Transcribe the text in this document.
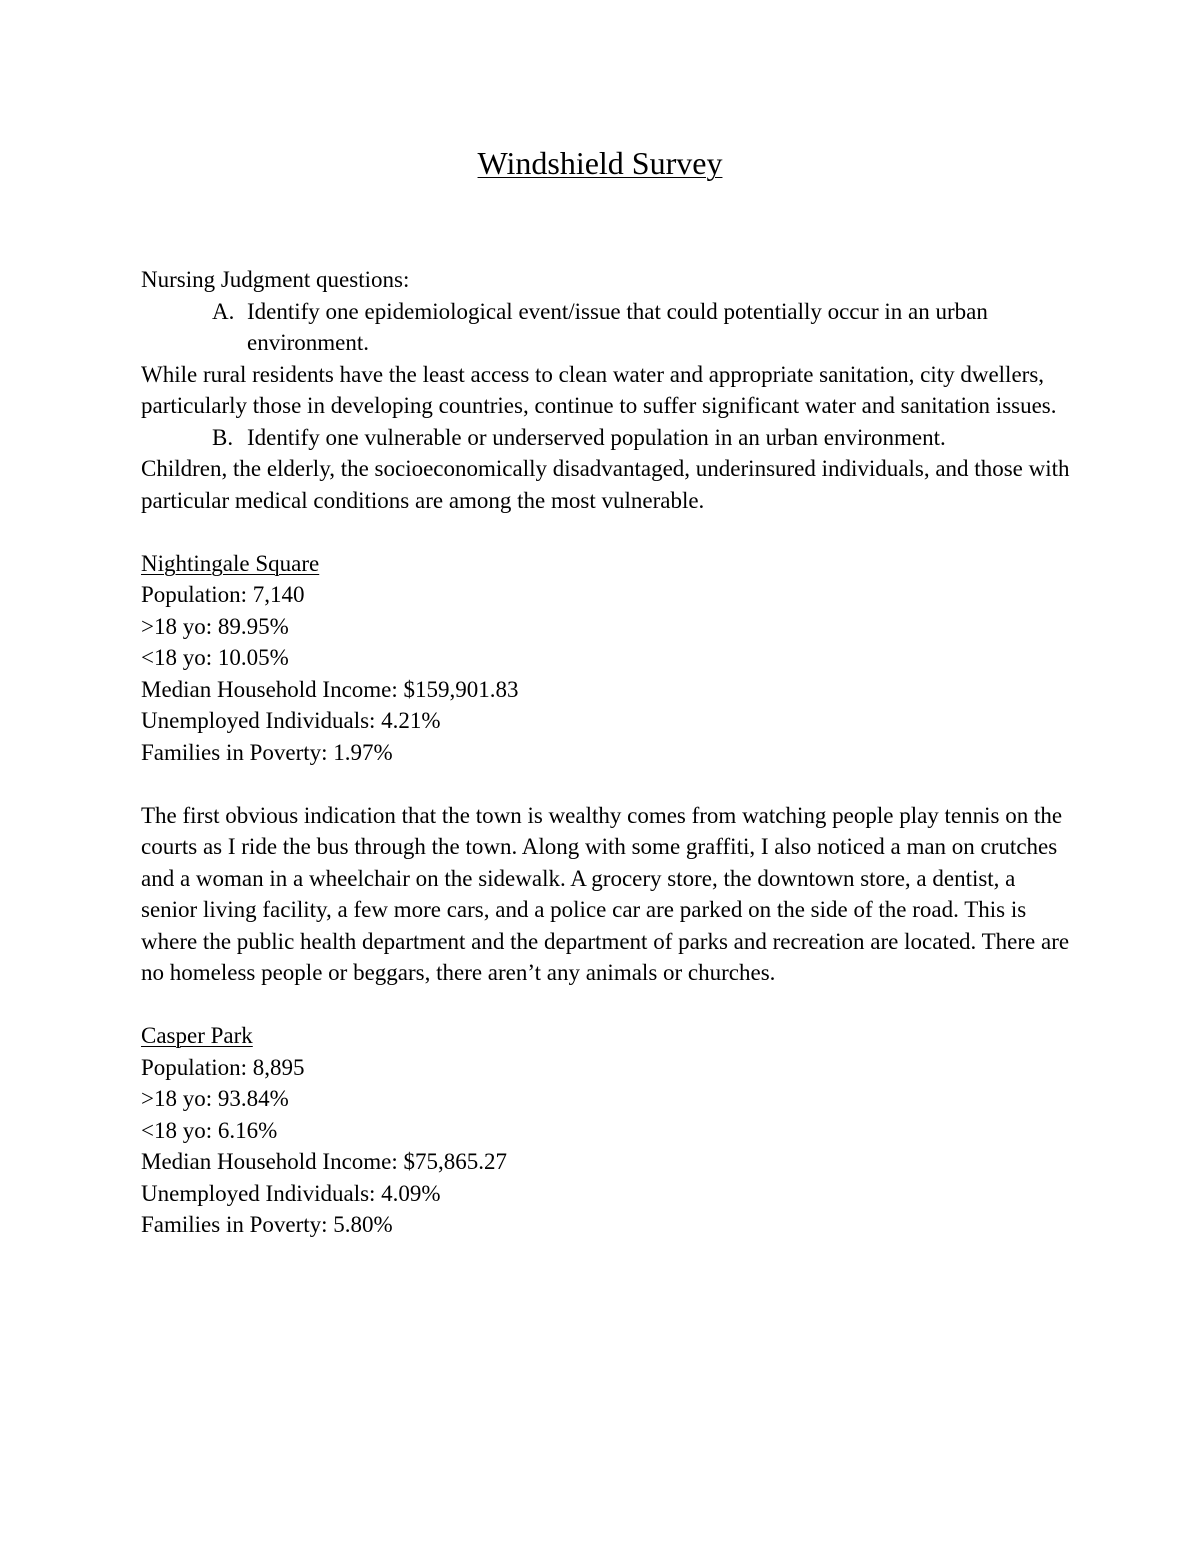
Windshield Survey

Nursing Judgment questions:

A. Identify one epidemiological event/issue that could potentially occur in an urban environment.

While rural residents have the least access to clean water and appropriate sanitation, city dwellers, particularly those in developing countries, continue to suffer significant water and sanitation issues.

B. Identify one vulnerable or underserved population in an urban environment.

Children, the elderly, the socioeconomically disadvantaged, underinsured individuals, and those with particular medical conditions are among the most vulnerable.

Nightingale Square

Population: 7,140

>18 yo: 89.95%

<18 yo: 10.05%

Median Household Income: $159,901.83

Unemployed Individuals: 4.21%

Families in Poverty: 1.97%

The first obvious indication that the town is wealthy comes from watching people play tennis on the courts as I ride the bus through the town. Along with some graffiti, I also noticed a man on crutches and a woman in a wheelchair on the sidewalk. A grocery store, the downtown store, a dentist, a senior living facility, a few more cars, and a police car are parked on the side of the road. This is where the public health department and the department of parks and recreation are located. There are no homeless people or beggars, there aren’t any animals or churches.

Casper Park

Population: 8,895

>18 yo: 93.84%

<18 yo: 6.16%

Median Household Income: $75,865.27

Unemployed Individuals: 4.09%

Families in Poverty: 5.80%
